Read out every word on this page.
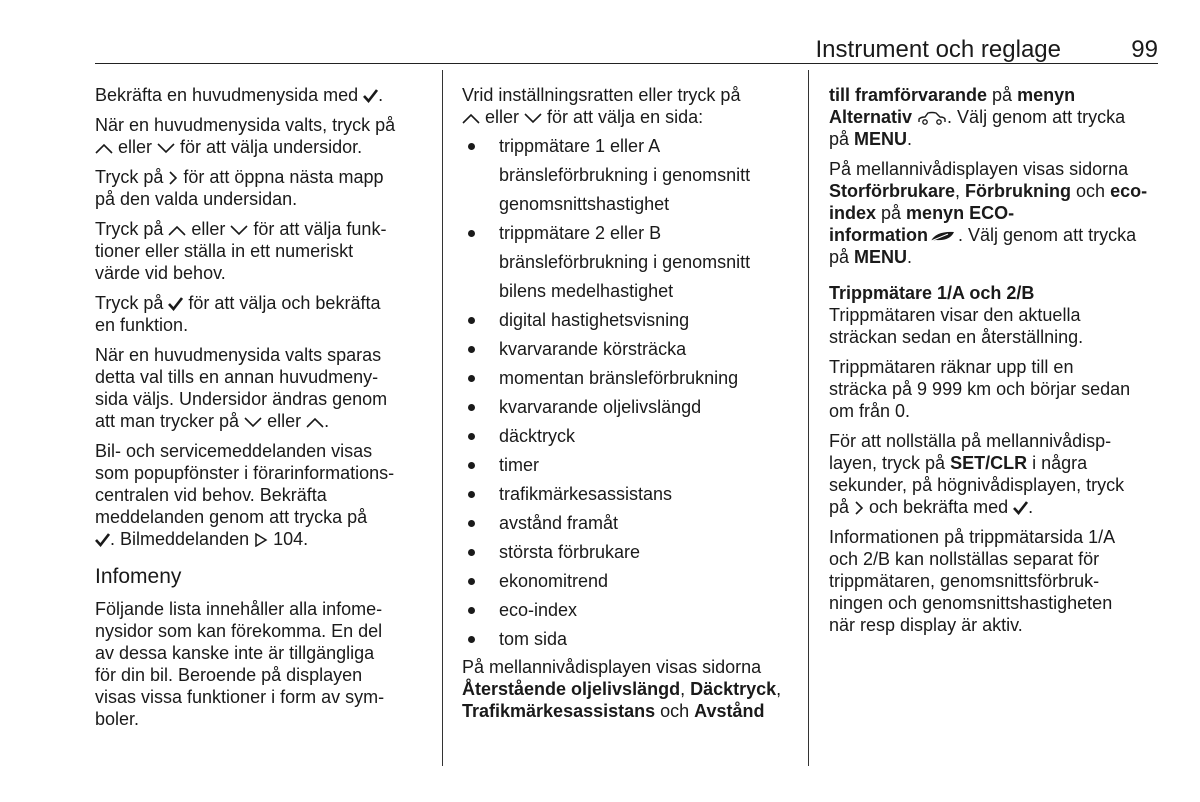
Instrument och reglage	99

Bekräfta en huvudmenysida med .

När en huvudmenysida valts, tryck på
eller  för att välja undersidor.

Tryck på  för att öppna nästa mapp
på den valda undersidan.

Tryck på  eller  för att välja funk-
tioner eller ställa in ett numeriskt
värde vid behov.

Tryck på  för att välja och bekräfta
en funktion.

När en huvudmenysida valts sparas
detta val tills en annan huvudmeny-
sida väljs. Undersidor ändras genom
att man trycker på  eller .

Bil- och servicemeddelanden visas
som popupfönster i förarinformations-
centralen vid behov. Bekräfta
meddelanden genom att trycka på
. Bilmeddelanden  104.

Infomeny

Följande lista innehåller alla infome-
nysidor som kan förekomma. En del
av dessa kanske inte är tillgängliga
för din bil. Beroende på displayen
visas vissa funktioner i form av sym-
boler.

Vrid inställningsratten eller tryck på
eller  för att välja en sida:

trippmätare 1 eller A
bränsleförbrukning i genomsnitt
genomsnittshastighet
trippmätare 2 eller B
bränsleförbrukning i genomsnitt
bilens medelhastighet
digital hastighetsvisning
kvarvarande körsträcka
momentan bränsleförbrukning
kvarvarande oljelivslängd
däcktryck
timer
trafikmärkesassistans
avstånd framåt
största förbrukare
ekonomitrend
eco-index
tom sida

På mellannivådisplayen visas sidorna
Återstående oljelivslängd, Däcktryck,
Trafikmärkesassistans och Avstånd

till framförvarande på menyn
Alternativ . Välj genom att trycka
på MENU.

På mellannivådisplayen visas sidorna
Storförbrukare, Förbrukning och eco-
index på menyn ECO-
information . Välj genom att trycka
på MENU.

Trippmätare 1/A och 2/B

Trippmätaren visar den aktuella
sträckan sedan en återställning.

Trippmätaren räknar upp till en
sträcka på 9 999 km och börjar sedan
om från 0.

För att nollställa på mellannivådisp-
layen, tryck på SET/CLR i några
sekunder, på högnivådisplayen, tryck
på  och bekräfta med .

Informationen på trippmätarsida 1/A
och 2/B kan nollställas separat för
trippmätaren, genomsnittsförbruk-
ningen och genomsnittshastigheten
när resp display är aktiv.
